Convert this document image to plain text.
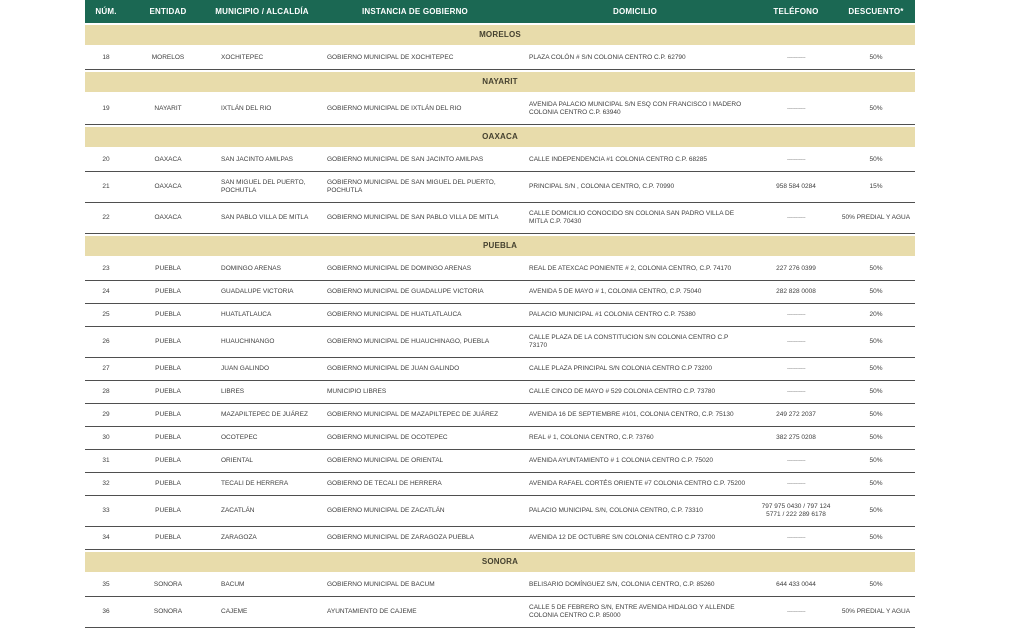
NÚM.	ENTIDAD	MUNICIPIO / ALCALDÍA	INSTANCIA DE GOBIERNO	DOMICILIO	TELÉFONO	DESCUENTO*
MORELOS						
18	MORELOS	XOCHITEPEC	GOBIERNO MUNICIPAL DE XOCHITEPEC	PLAZA COLÓN # S/N COLONIA CENTRO C.P. 62790	-----------	50%
NAYARIT						
19	NAYARIT	IXTLÁN DEL RIO	GOBIERNO MUNICIPAL DE IXTLÁN DEL RIO	AVENIDA PALACIO MUNICIPAL S/N ESQ CON FRANCISCO I MADERO COLONIA CENTRO C.P. 63940	-----------	50%
OAXACA						
20	OAXACA	SAN JACINTO AMILPAS	GOBIERNO MUNICIPAL DE SAN JACINTO AMILPAS	CALLE INDEPENDENCIA #1 COLONIA CENTRO C.P. 68285	-----------	50%
21	OAXACA	SAN MIGUEL DEL PUERTO, POCHUTLA	GOBIERNO MUNICIPAL DE SAN MIGUEL DEL PUERTO, POCHUTLA	PRINCIPAL S/N , COLONIA CENTRO, C.P. 70990	958 584 0284	15%
22	OAXACA	SAN PABLO VILLA DE MITLA	GOBIERNO MUNICIPAL DE SAN PABLO VILLA DE MITLA	CALLE DOMICILIO CONOCIDO SN COLONIA SAN PADRO VILLA DE MITLA C.P. 70430	-----------	50% PREDIAL Y AGUA
PUEBLA						
23	PUEBLA	DOMINGO ARENAS	GOBIERNO MUNICIPAL DE DOMINGO ARENAS	REAL DE ATEXCAC PONIENTE # 2, COLONIA CENTRO, C.P. 74170	227 276 0399	50%
24	PUEBLA	GUADALUPE VICTORIA	GOBIERNO MUNICIPAL DE GUADALUPE VICTORIA	AVENIDA 5 DE MAYO # 1, COLONIA CENTRO, C.P. 75040	282 828 0008	50%
25	PUEBLA	HUATLATLAUCA	GOBIERNO MUNICIPAL DE HUATLATLAUCA	PALACIO MUNICIPAL #1 COLONIA CENTRO C.P. 75380	-----------	20%
26	PUEBLA	HUAUCHINANGO	GOBIERNO MUNICIPAL DE HUAUCHINAGO, PUEBLA	CALLE PLAZA DE LA CONSTITUCION S/N COLONIA CENTRO C.P 73170	-----------	50%
27	PUEBLA	JUAN GALINDO	GOBIERNO MUNICIPAL DE JUAN GALINDO	CALLE PLAZA PRINCIPAL S/N COLONIA CENTRO C.P 73200	-----------	50%
28	PUEBLA	LIBRES	MUNICIPIO LIBRES	CALLE CINCO DE MAYO # 529 COLONIA CENTRO C.P. 73780	-----------	50%
29	PUEBLA	MAZAPILTEPEC DE JUÁREZ	GOBIERNO MUNICIPAL DE MAZAPILTEPEC DE JUÁREZ	AVENIDA 16 DE SEPTIEMBRE #101, COLONIA CENTRO, C.P. 75130	249 272 2037	50%
30	PUEBLA	OCOTEPEC	GOBIERNO MUNICIPAL DE OCOTEPEC	REAL # 1, COLONIA CENTRO, C.P. 73760	382 275 0208	50%
31	PUEBLA	ORIENTAL	GOBIERNO MUNICIPAL DE ORIENTAL	AVENIDA AYUNTAMIENTO # 1 COLONIA CENTRO C.P. 75020	-----------	50%
32	PUEBLA	TECALI DE HERRERA	GOBIERNO DE TECALI DE HERRERA	AVENIDA RAFAEL CORTÉS ORIENTE #7 COLONIA CENTRO C.P. 75200	-----------	50%
33	PUEBLA	ZACATLÁN	GOBIERNO MUNICIPAL DE ZACATLÁN	PALACIO MUNICIPAL S/N, COLONIA CENTRO, C.P. 73310	797 975 0430 / 797 124 5771 / 222 289 6178	50%
34	PUEBLA	ZARAGOZA	GOBIERNO MUNICIPAL DE ZARAGOZA PUEBLA	AVENIDA 12 DE OCTUBRE S/N COLONIA CENTRO C.P 73700	-----------	50%
SONORA						
35	SONORA	BACUM	GOBIERNO MUNICIPAL DE BACUM	BELISARIO DOMÍNGUEZ S/N, COLONIA CENTRO, C.P. 85260	644 433 0044	50%
36	SONORA	CAJEME	AYUNTAMIENTO DE CAJEME	CALLE 5 DE FEBRERO S/N, ENTRE AVENIDA HIDALGO Y ALLENDE COLONIA CENTRO C.P. 85000	-----------	50% PREDIAL Y AGUA
